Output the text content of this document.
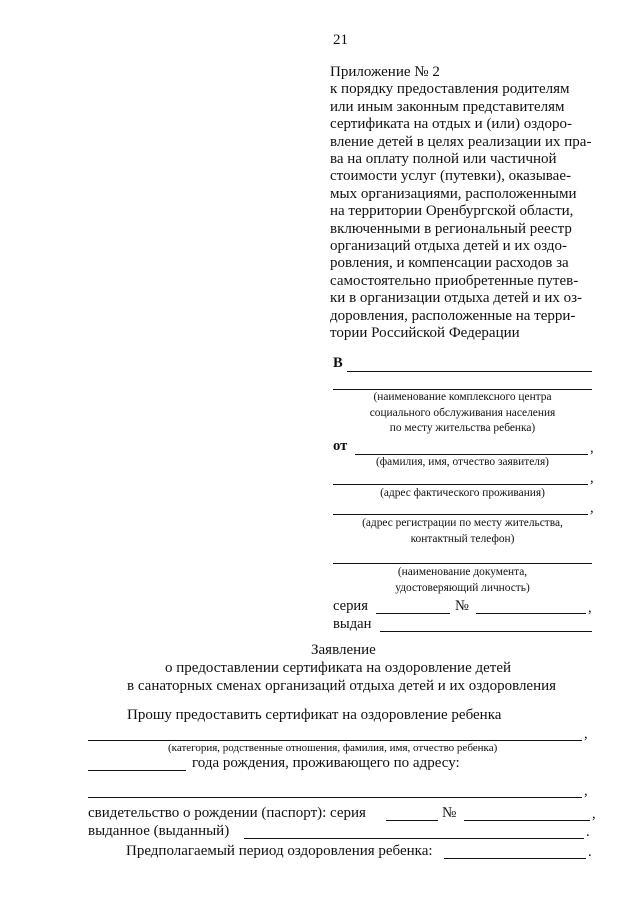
21
Приложение № 2
к порядку предоставления родителям
или иным законным представителям
сертификата на отдых и (или) оздоро-
вление детей в целях реализации их пра-
ва на оплату полной или частичной
стоимости услуг (путевки), оказывае-
мых организациями, расположенными
на территории Оренбургской области,
включенными в региональный реестр
организаций отдыха детей и их оздо-
ровления, и компенсации расходов за
самостоятельно приобретенные путев-
ки в организации отдыха детей и их оз-
доровления, расположенные на терри-
тории Российской Федерации
В
(наименование комплексного центра
социального обслуживания населения
по месту жительства ребенка)
от	,
(фамилия, имя, отчество заявителя)
,
(адрес фактического проживания)
,
(адрес регистрации по месту жительства,
контактный телефон)
(наименование документа,
удостоверяющий личность)
серия	№	,
выдан
Заявление
о предоставлении сертификата на оздоровление детей
в санаторных сменах организаций отдыха детей и их оздоровления
Прошу предоставить сертификат на оздоровление ребенка
,
(категория, родственные отношения, фамилия, имя, отчество ребенка)
года рождения, проживающего по адресу:
,
свидетельство о рождении (паспорт): серия	№	,
выданное (выданный)	.
Предполагаемый период оздоровления ребенка:	.
